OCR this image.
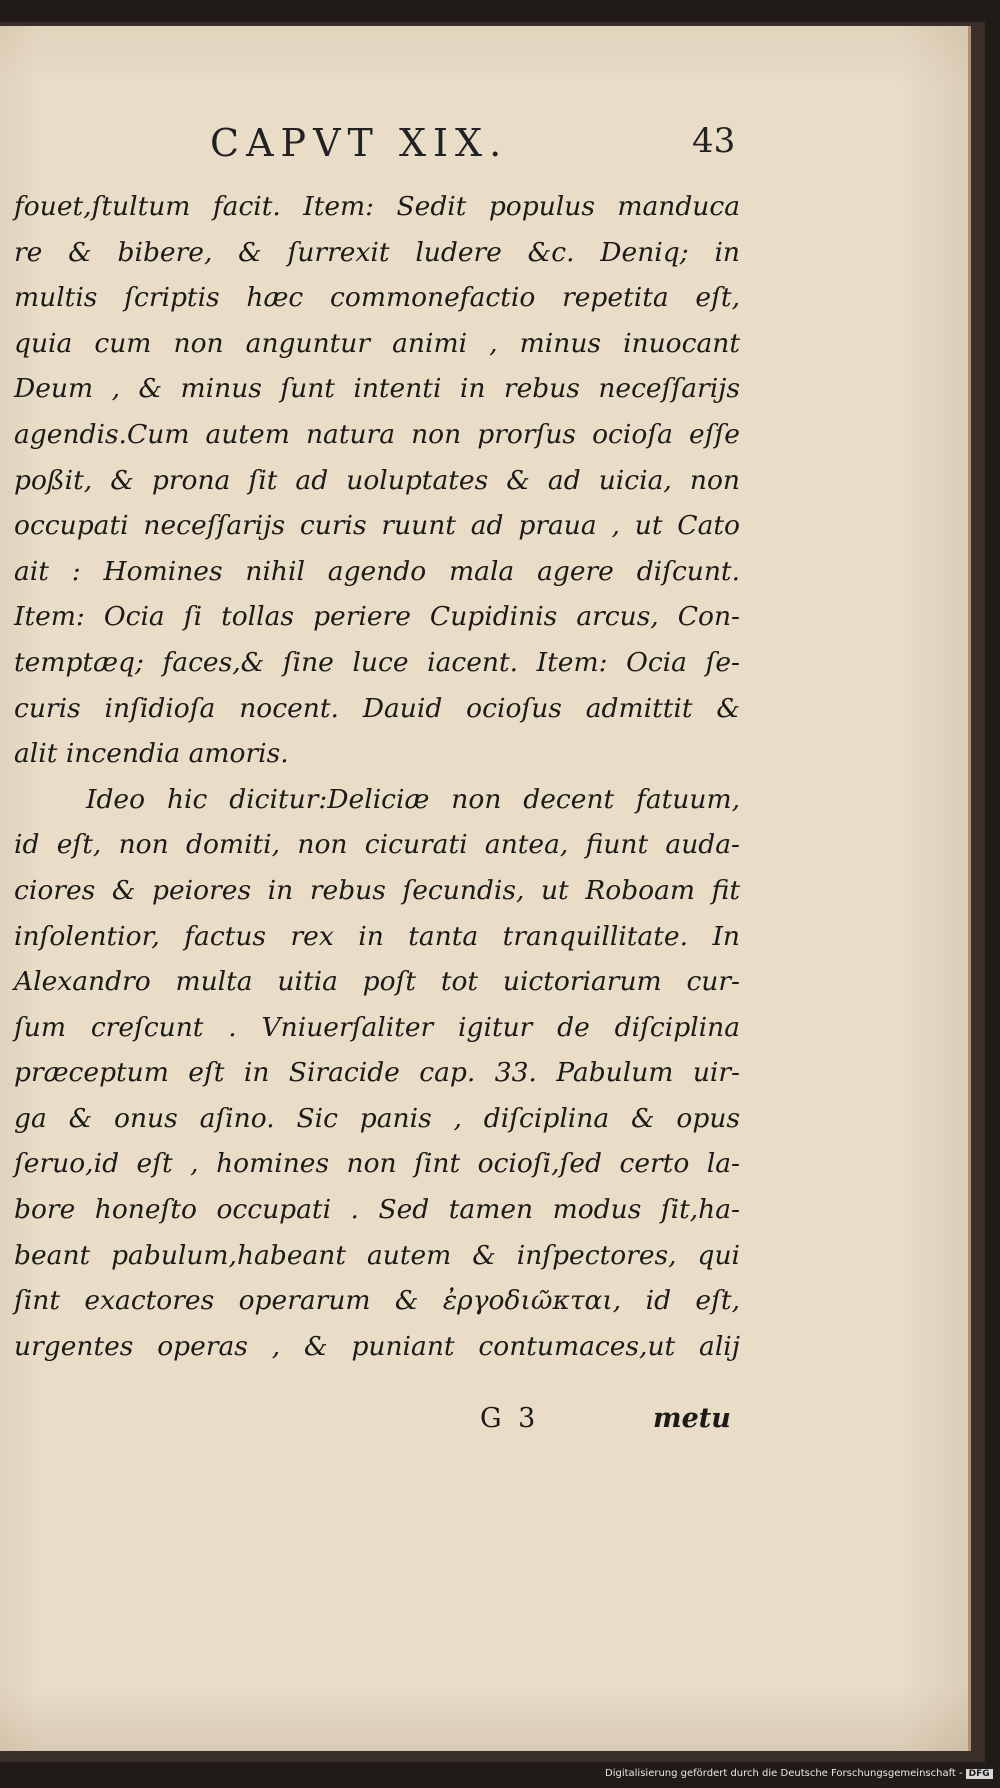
CAPVT XIX.	43
fouet,ſtultum facit. Item: Sedit populus manduca
re & bibere, & ſurrexit ludere &c. Deniq; in
multis ſcriptis hæc commonefactio repetita eſt,
quia cum non anguntur animi , minus inuocant
Deum , & minus ſunt intenti in rebus neceſſarijs
agendis.Cum autem natura non prorſus ocioſa eſſe
poßit, & prona ſit ad uoluptates & ad uicia, non
occupati neceſſarijs curis ruunt ad praua , ut Cato
ait : Homines nihil agendo mala agere diſcunt.
Item: Ocia ſi tollas periere Cupidinis arcus, Con-
temptæq; faces,& ſine luce iacent. Item: Ocia ſe-
curis inſidioſa nocent. Dauid ocioſus admittit &
alit incendia amoris.
Ideo hic dicitur:Deliciæ non decent fatuum,
id eſt, non domiti, non cicurati antea, fiunt auda-
ciores & peiores in rebus ſecundis, ut Roboam fit
inſolentior, factus rex in tanta tranquillitate. In
Alexandro multa uitia poſt tot uictoriarum cur-
ſum creſcunt . Vniuerſaliter igitur de diſciplina
præceptum eſt in Siracide cap. 33. Pabulum uir-
ga & onus aſino. Sic panis , diſciplina & opus
ſeruo,id eſt , homines non ſint ocioſi,ſed certo la-
bore honeſto occupati . Sed tamen modus ſit,ha-
beant pabulum,habeant autem & inſpectores, qui
ſint exactores operarum & ἐργοδιῶκται, id eſt,
urgentes operas , & puniant contumaces,ut alij
G 3	metu
Digitalisierung gefördert durch die Deutsche Forschungsgemeinschaft - DFG
